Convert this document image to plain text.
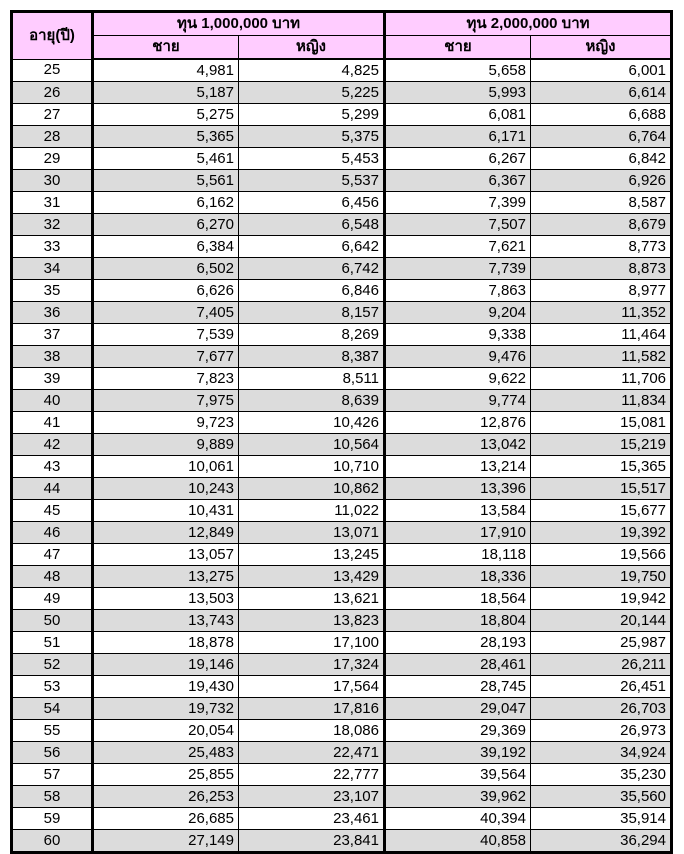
อายุ(ปี)	ทุน 1,000,000 บาท		ทุน 2,000,000 บาท	
	ชาย	หญิง	ชาย	หญิง
25	4,981	4,825	5,658	6,001
26	5,187	5,225	5,993	6,614
27	5,275	5,299	6,081	6,688
28	5,365	5,375	6,171	6,764
29	5,461	5,453	6,267	6,842
30	5,561	5,537	6,367	6,926
31	6,162	6,456	7,399	8,587
32	6,270	6,548	7,507	8,679
33	6,384	6,642	7,621	8,773
34	6,502	6,742	7,739	8,873
35	6,626	6,846	7,863	8,977
36	7,405	8,157	9,204	11,352
37	7,539	8,269	9,338	11,464
38	7,677	8,387	9,476	11,582
39	7,823	8,511	9,622	11,706
40	7,975	8,639	9,774	11,834
41	9,723	10,426	12,876	15,081
42	9,889	10,564	13,042	15,219
43	10,061	10,710	13,214	15,365
44	10,243	10,862	13,396	15,517
45	10,431	11,022	13,584	15,677
46	12,849	13,071	17,910	19,392
47	13,057	13,245	18,118	19,566
48	13,275	13,429	18,336	19,750
49	13,503	13,621	18,564	19,942
50	13,743	13,823	18,804	20,144
51	18,878	17,100	28,193	25,987
52	19,146	17,324	28,461	26,211
53	19,430	17,564	28,745	26,451
54	19,732	17,816	29,047	26,703
55	20,054	18,086	29,369	26,973
56	25,483	22,471	39,192	34,924
57	25,855	22,777	39,564	35,230
58	26,253	23,107	39,962	35,560
59	26,685	23,461	40,394	35,914
60	27,149	23,841	40,858	36,294
